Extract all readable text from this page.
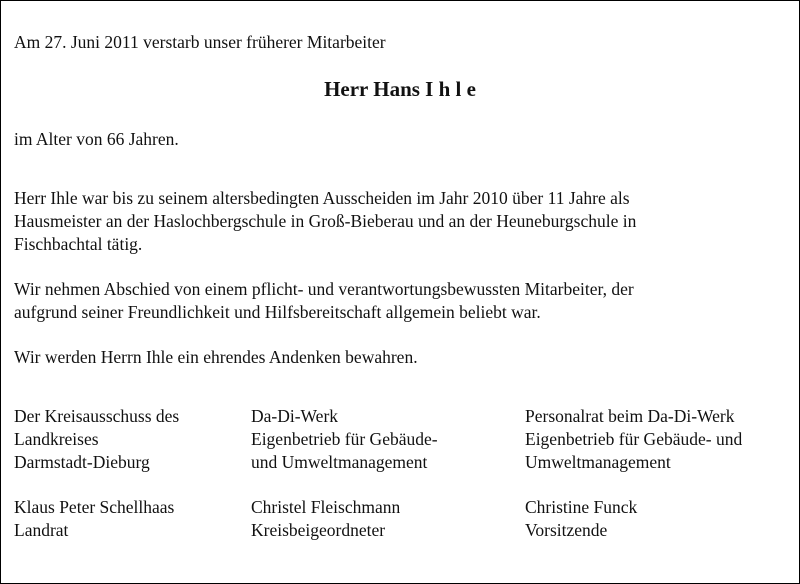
Am 27. Juni 2011 verstarb unser früherer Mitarbeiter
Herr Hans I h l e
im Alter von 66 Jahren.
Herr Ihle war bis zu seinem altersbedingten Ausscheiden im Jahr 2010 über 11 Jahre als
Hausmeister an der Haslochbergschule in Groß-Bieberau und an der Heuneburgschule in
Fischbachtal tätig.
Wir nehmen Abschied von einem pflicht- und verantwortungsbewussten Mitarbeiter, der
aufgrund seiner Freundlichkeit und Hilfsbereitschaft allgemein beliebt war.
Wir werden Herrn Ihle ein ehrendes Andenken bewahren.
Der Kreisausschuss des
Landkreises
Darmstadt-Dieburg
Klaus Peter Schellhaas
Landrat
Da-Di-Werk
Eigenbetrieb für Gebäude-
und Umweltmanagement
Christel Fleischmann
Kreisbeigeordneter
Personalrat beim Da-Di-Werk
Eigenbetrieb für Gebäude- und
Umweltmanagement
Christine Funck
Vorsitzende
